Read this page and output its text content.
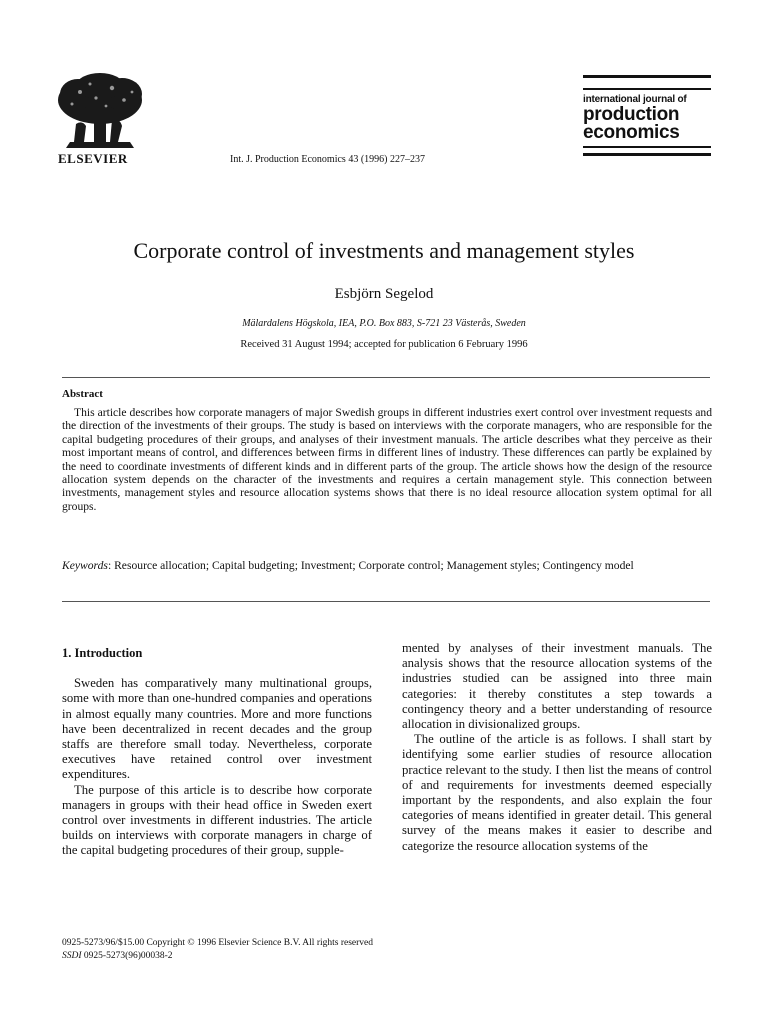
ELSEVIER	Int. J. Production Economics 43 (1996) 227–237
international journal of
production
economics
Corporate control of investments and management styles
Esbjörn Segelod
Mälardalens Högskola, IEA, P.O. Box 883, S-721 23 Västerås, Sweden
Received 31 August 1994; accepted for publication 6 February 1996
Abstract
This article describes how corporate managers of major Swedish groups in different industries exert control over investment requests and the direction of the investments of their groups. The study is based on interviews with the corporate managers, who are responsible for the capital budgeting procedures of their groups, and analyses of their investment manuals. The article describes what they perceive as their most important means of control, and differences between firms in different lines of industry. These differences can partly be explained by the need to coordinate investments of different kinds and in different parts of the group. The article shows how the design of the resource allocation system depends on the character of the investments and requires a certain management style. This connection between investments, management styles and resource allocation systems shows that there is no ideal resource allocation system optimal for all groups.
Keywords: Resource allocation; Capital budgeting; Investment; Corporate control; Management styles; Contingency model
1. Introduction

Sweden has comparatively many multinational groups, some with more than one-hundred companies and operations in almost equally many countries. More and more functions have been decentralized in recent decades and the group staffs are therefore small today. Nevertheless, corporate executives have retained control over investment expenditures.

The purpose of this article is to describe how corporate managers in groups with their head office in Sweden exert control over investments in different industries. The article builds on interviews with corporate managers in charge of the capital budgeting procedures of their group, supple-

mented by analyses of their investment manuals. The analysis shows that the resource allocation systems of the industries studied can be assigned into three main categories: it thereby constitutes a step towards a contingency theory and a better understanding of resource allocation in divisionalized groups.

The outline of the article is as follows. I shall start by identifying some earlier studies of resource allocation practice relevant to the study. I then list the means of control of and requirements for investments deemed especially important by the respondents, and also explain the four categories of means identified in greater detail. This general survey of the means makes it easier to describe and categorize the resource allocation systems of the

0925-5273/96/$15.00 Copyright © 1996 Elsevier Science B.V. All rights reserved
SSDI 0925-5273(96)00038-2
